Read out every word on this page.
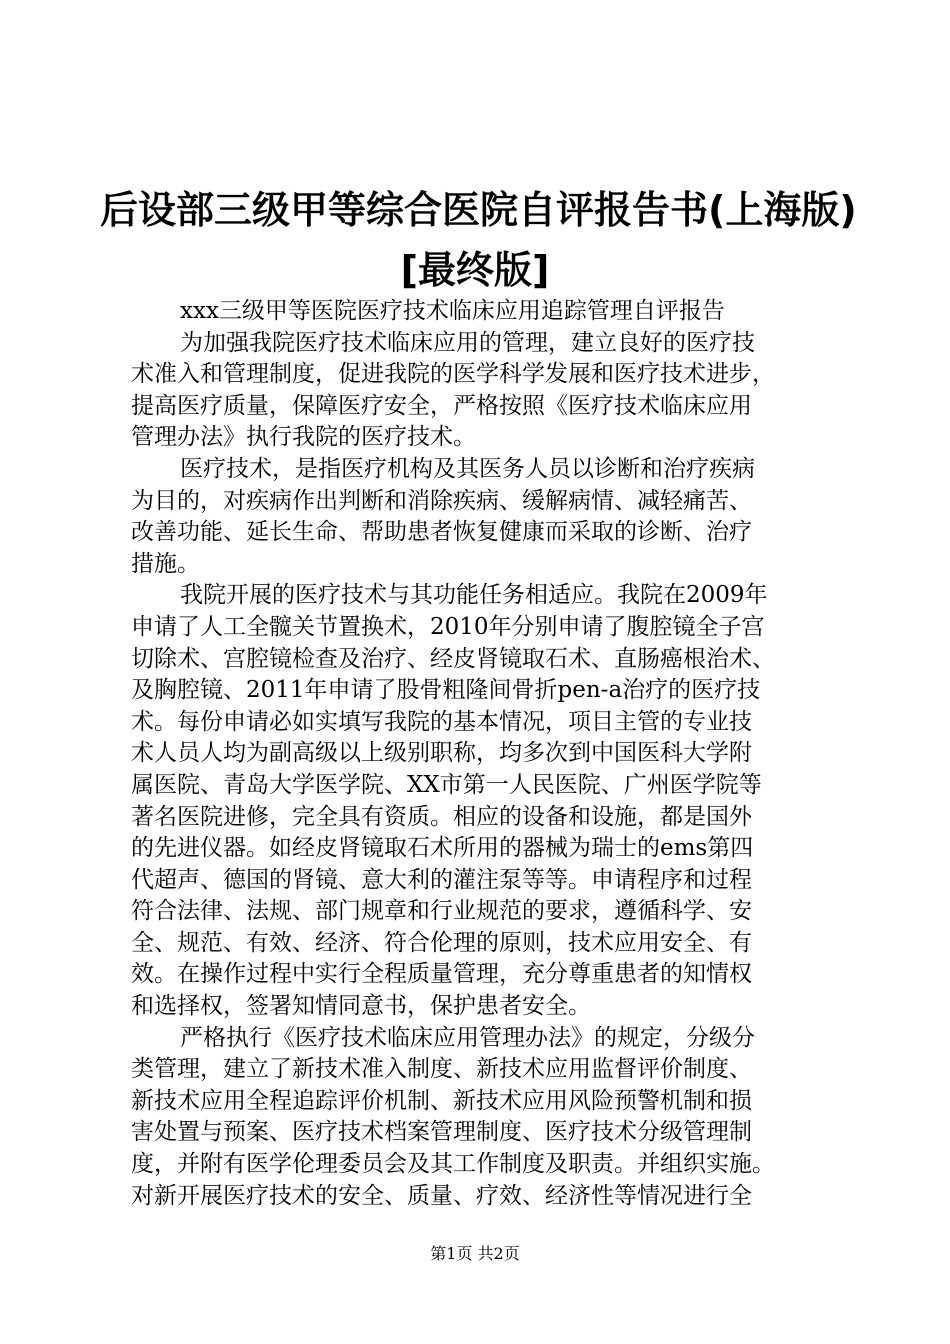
后设部三级甲等综合医院自评报告书(上海版)
[最终版]
xxx三级甲等医院医疗技术临床应用追踪管理自评报告
为加强我院医疗技术临床应用的管理，建立良好的医疗技
术准入和管理制度，促进我院的医学科学发展和医疗技术进步，
提高医疗质量，保障医疗安全，严格按照《医疗技术临床应用
管理办法》执行我院的医疗技术。
医疗技术，是指医疗机构及其医务人员以诊断和治疗疾病
为目的，对疾病作出判断和消除疾病、缓解病情、减轻痛苦、
改善功能、延长生命、帮助患者恢复健康而采取的诊断、治疗
措施。
我院开展的医疗技术与其功能任务相适应。我院在2009年
申请了人工全髋关节置换术，2010年分别申请了腹腔镜全子宫
切除术、宫腔镜检查及治疗、经皮肾镜取石术、直肠癌根治术、
及胸腔镜、2011年申请了股骨粗隆间骨折pen-a治疗的医疗技
术。每份申请必如实填写我院的基本情况，项目主管的专业技
术人员人均为副高级以上级别职称，均多次到中国医科大学附
属医院、青岛大学医学院、XX市第一人民医院、广州医学院等
著名医院进修，完全具有资质。相应的设备和设施，都是国外
的先进仪器。如经皮肾镜取石术所用的器械为瑞士的ems第四
代超声、德国的肾镜、意大利的灌注泵等等。申请程序和过程
符合法律、法规、部门规章和行业规范的要求，遵循科学、安
全、规范、有效、经济、符合伦理的原则，技术应用安全、有
效。在操作过程中实行全程质量管理，充分尊重患者的知情权
和选择权，签署知情同意书，保护患者安全。
严格执行《医疗技术临床应用管理办法》的规定，分级分
类管理，建立了新技术准入制度、新技术应用监督评价制度、
新技术应用全程追踪评价机制、新技术应用风险预警机制和损
害处置与预案、医疗技术档案管理制度、医疗技术分级管理制
度，并附有医学伦理委员会及其工作制度及职责。并组织实施。
对新开展医疗技术的安全、质量、疗效、经济性等情况进行全
第1页 共2页
